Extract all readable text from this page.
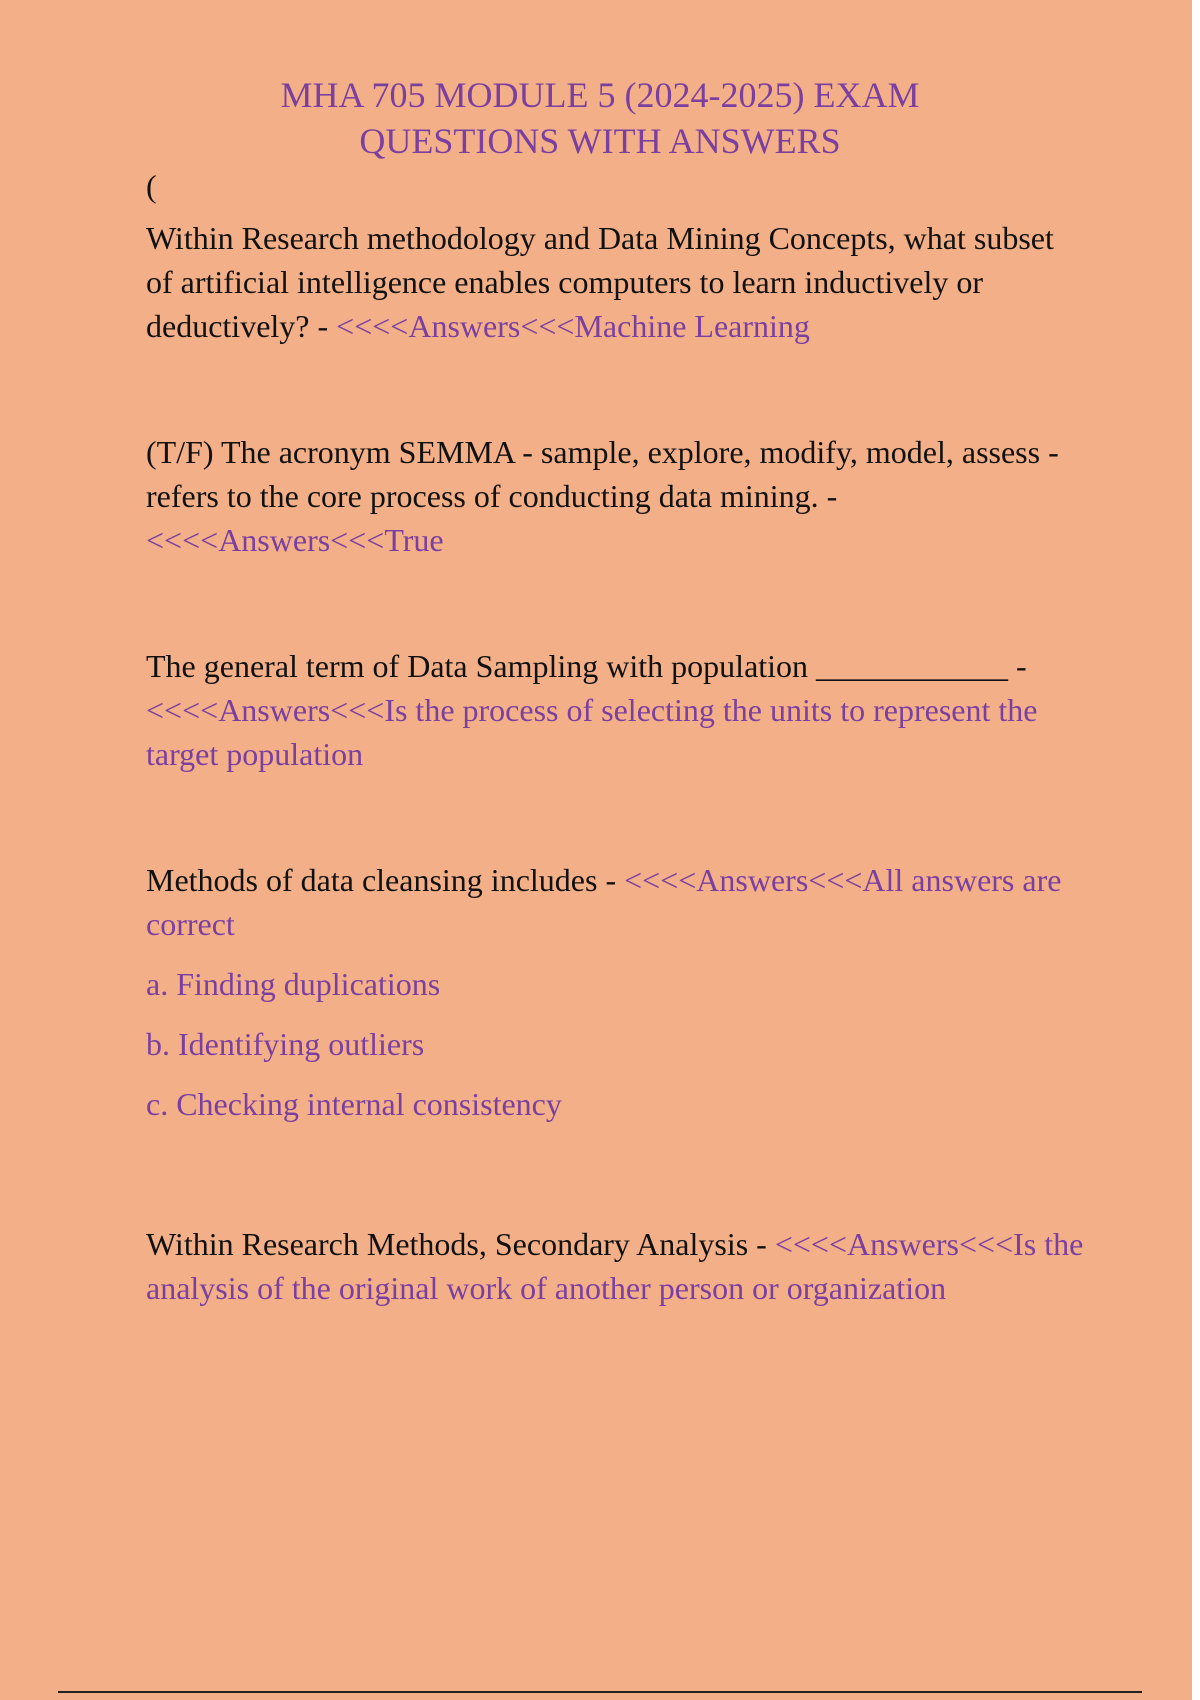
MHA 705 MODULE 5 (2024-2025) EXAM
QUESTIONS WITH ANSWERS
(

Within Research methodology and Data Mining Concepts, what subset of artificial intelligence enables computers to learn inductively or deductively? - <<<<Answers<<<Machine Learning

(T/F) The acronym SEMMA - sample, explore, modify, model, assess - refers to the core process of conducting data mining. - <<<<Answers<<<True

The general term of Data Sampling with population ____________ - <<<<Answers<<<Is the process of selecting the units to represent the target population

Methods of data cleansing includes - <<<<Answers<<<All answers are correct

a. Finding duplications
b. Identifying outliers
c. Checking internal consistency

Within Research Methods, Secondary Analysis - <<<<Answers<<<Is the analysis of the original work of another person or organization
